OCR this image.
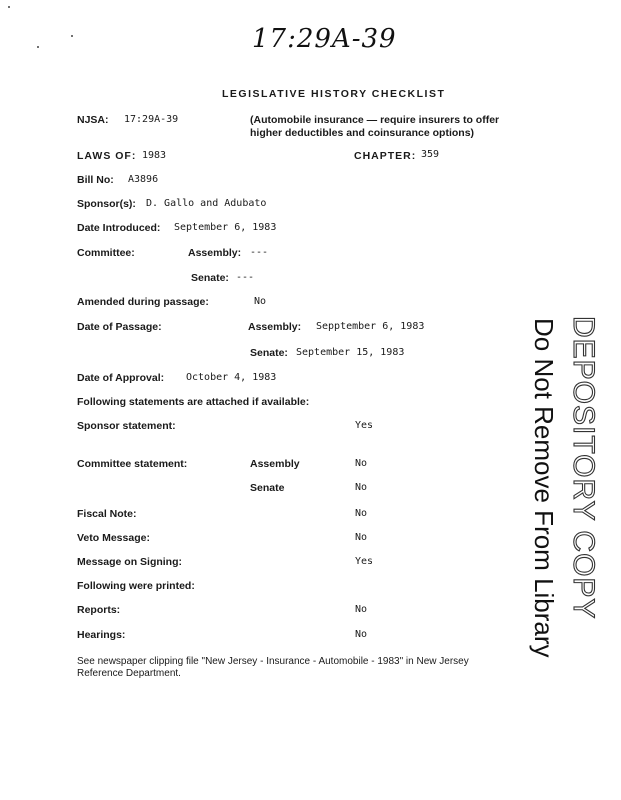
17:29A-39
LEGISLATIVE HISTORY CHECKLIST
NJSA: 17:29A-39	(Automobile insurance — require insurers to offer
higher deductibles and coinsurance options)
LAWS OF: 1983	CHAPTER: 359
Bill No: A3896
Sponsor(s): D. Gallo and Adubato
Date Introduced: September 6, 1983
Committee:	Assembly: ---
Senate: ---
Amended during passage:	No
Date of Passage:	Assembly: Sepptember 6, 1983
Senate: September 15, 1983
Date of Approval: October 4, 1983
Following statements are attached if available:
Sponsor statement:	Yes
Committee statement:	Assembly	No
Senate	No
Fiscal Note:	No
Veto Message:	No
Message on Signing:	Yes
Following were printed:
Reports:	No
Hearings:	No
See newspaper clipping file "New Jersey - Insurance - Automobile - 1983" in New Jersey
Reference Department.
Do Not Remove From Library DEPOSITORY COPY
